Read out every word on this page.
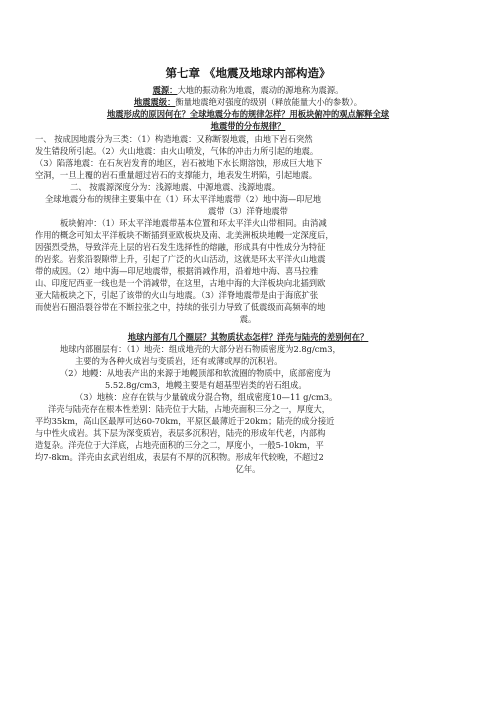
第七章 《地震及地球内部构造》
震源：大地的振动称为地震，震动的源地称为震源。
地震震级：衡量地震绝对强度的级别（释放能量大小的参数）。
地震形成的原因何在？全球地震分布的规律怎样？用板块俯冲的观点解释全球
地震带的分布规律？
一、 按成因地震分为三类：（1）构造地震：又称断裂地震，由地下岩石突然
发生错段所引起。（2）火山地震：由火山喷发，气体的冲击力所引起的地震。
（3）陷落地震：在石灰岩发育的地区，岩石被地下水长期溶蚀，形成巨大地下
空洞，一旦上覆的岩石重量超过岩石的支撑能力，地表发生坍陷，引起地震。
二、 按震源深度分为：浅源地震、中源地震、浅源地震。
全球地震分布的规律主要集中在（1）环太平洋地震带（2）地中海—印尼地
震带（3）洋脊地震带
板块俯冲：（1）环太平洋地震带基本位置和环太平洋火山带相同。由消减
作用的概念可知太平洋板块不断插到亚欧板块及南、北美洲板块地幔一定深度后，
因强烈受热，导致洋壳上层的岩石发生选择性的熔融，形成具有中性成分为特征
的岩浆。岩浆沿裂隙带上升，引起了广泛的火山活动，这就是环太平洋火山地震
带的成因。（2）地中海—印尼地震带，根据消减作用，沿着地中海、喜马拉雅
山、印度尼西亚一线也是一个消减带，在这里，古地中海的大洋板块向北插到欧
亚大陆板块之下，引起了该带的火山与地震。（3）洋脊地震带是由于海底扩张
而使岩石圈沿裂谷带在不断拉张之中，持续的张引力导致了低震级而高频率的地
震。
地球内部有几个圈层？其物质状态怎样？洋壳与陆壳的差别何在？
地球内部圈层有：（1）地壳：组成地壳的大部分岩石物质密度为2.8g/cm3，
主要的为各种火成岩与变质岩，还有或薄或厚的沉积岩。
（2）地幔：从地表产出的来源于地幔顶部和软流圈的物质中，底部密度为
5.52.8g/cm3，地幔主要是有超基型岩类的岩石组成。
（3）地核：应存在铁与少量硫成分混合物，组成密度10—11 g/cm3。
洋壳与陆壳存在根本性差别：陆壳位于大陆，占地壳面积三分之一，厚度大，
平均35km，高山区最厚可达60-70km，平原区最薄近于20km；陆壳的成分接近
与中性火成岩。其下层为深变质岩，表层多沉积岩，陆壳的形成年代老，内部构
造复杂。洋壳位于大洋底，占地壳面积的三分之二，厚度小，一般5-10km，平
均7-8km。洋壳由玄武岩组成，表层有不厚的沉积物。形成年代较晚，不超过2
亿年。
